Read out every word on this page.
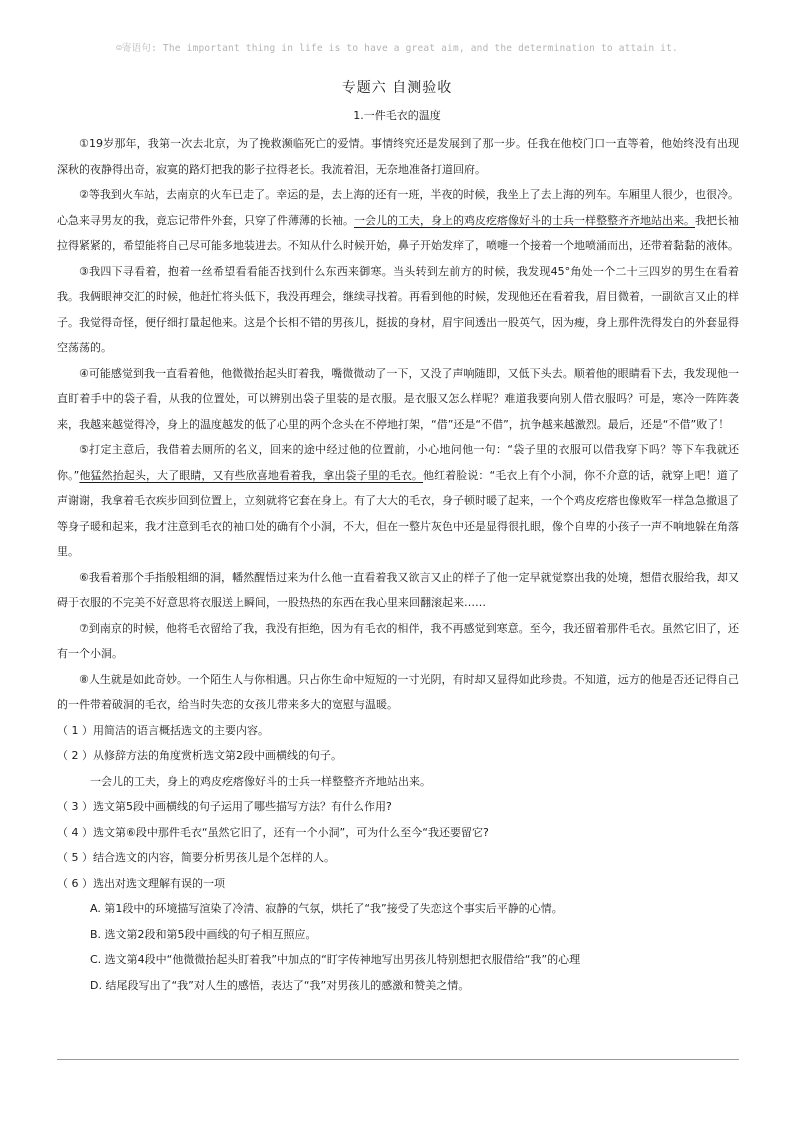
☺寄语句: The important thing in life is to have a great aim, and the determination to attain it.
专题六 自测验收
1.一件毛衣的温度

①19岁那年，我第一次去北京，为了挽救濒临死亡的爱情。事情终究还是发展到了那一步。任我在他校门口一直等着，他始终没有出现深秋的夜静得出奇，寂寞的路灯把我的影子拉得老长。我流着泪，无奈地准备打道回府。

②等我到火车站，去南京的火车已走了。幸运的是，去上海的还有一班，半夜的时候，我坐上了去上海的列车。车厢里人很少，也很冷。心急来寻男友的我，竟忘记带件外套，只穿了件薄薄的长袖。一会儿的工夫，身上的鸡皮疙瘩像好斗的士兵一样整整齐齐地站出来。我把长袖拉得紧紧的，希望能将自己尽可能多地装进去。不知从什么时候开始，鼻子开始发痒了，喷嚏一个接着一个地喷涌而出，还带着黏黏的液体。

③我四下寻看着，抱着一丝希望看看能否找到什么东西来御寒。当头转到左前方的时候，我发现45°角处一个二十三四岁的男生在看着我。我俩眼神交汇的时候，他赶忙将头低下，我没再理会，继续寻找着。再看到他的时候，发现他还在看着我，眉目微着，一副欲言又止的样子。我觉得奇怪，便仔细打量起他来。这是个长相不错的男孩儿，挺拔的身材，眉宇间透出一股英气，因为瘦，身上那件洗得发白的外套显得空荡荡的。

④可能感觉到我一直看着他，他微微抬起头盯着我，嘴微微动了一下，又没了声响随即，又低下头去。顺着他的眼睛看下去，我发现他一直盯着手中的袋子看，从我的位置处，可以辨别出袋子里装的是衣服。是衣服又怎么样呢？难道我要向别人借衣服吗？可是，寒冷一阵阵袭来，我越来越觉得冷，身上的温度越发的低了心里的两个念头在不停地打架，“借”还是“不借”，抗争越来越激烈。最后，还是“不借”败了！

⑤打定主意后，我借着去厕所的名义，回来的途中经过他的位置前，小心地问他一句：“袋子里的衣服可以借我穿下吗？等下车我就还你。”他猛然抬起头，大了眼睛，又有些欣喜地看着我，拿出袋子里的毛衣。他红着脸说：“毛衣上有个小洞，你不介意的话，就穿上吧！道了声谢谢，我拿着毛衣疾步回到位置上，立刻就将它套在身上。有了大大的毛衣，身子顿时暖了起来，一个个鸡皮疙瘩也像败军一样急急撤退了等身子暖和起来，我才注意到毛衣的袖口处的确有个小洞，不大，但在一整片灰色中还是显得很扎眼，像个自卑的小孩子一声不响地躲在角落里。

⑥我看着那个手指般粗细的洞，幡然醒悟过来为什么他一直看着我又欲言又止的样子了他一定早就觉察出我的处境，想借衣服给我，却又碍于衣服的不完美不好意思将衣服送上瞬间，一股热热的东西在我心里来回翻滚起来……

⑦到南京的时候，他将毛衣留给了我，我没有拒绝，因为有毛衣的相伴，我不再感觉到寒意。至今，我还留着那件毛衣。虽然它旧了，还有一个小洞。

⑧人生就是如此奇妙。一个陌生人与你相遇。只占你生命中短短的一寸光阴，有时却又显得如此珍贵。不知道，远方的他是否还记得自己的一件带着破洞的毛衣，给当时失恋的女孩儿带来多大的宽慰与温暖。

（ 1 ）用简洁的语言概括选文的主要内容。

（ 2 ）从修辞方法的角度赏析选文第2段中画横线的句子。

一会儿的工夫，身上的鸡皮疙瘩像好斗的士兵一样整整齐齐地站出来。

（ 3 ）选文第5段中画横线的句子运用了哪些描写方法？有什么作用?

（ 4 ）选文第⑥段中那件毛衣“虽然它旧了，还有一个小洞”，可为什么至今“我还要留它?

（ 5 ）结合选文的内容，简要分析男孩儿是个怎样的人。

（ 6 ）选出对选文理解有误的一项

A. 第1段中的环境描写渲染了冷清、寂静的气氛，烘托了“我”接受了失恋这个事实后平静的心情。

B. 选文第2段和第5段中画线的句子相互照应。

C. 选文第4段中“他微微抬起头盯着我”中加点的“盯字传神地写出男孩儿特别想把衣服借给“我”的心理

D. 结尾段写出了“我”对人生的感悟，表达了“我”对男孩儿的感激和赞美之情。
